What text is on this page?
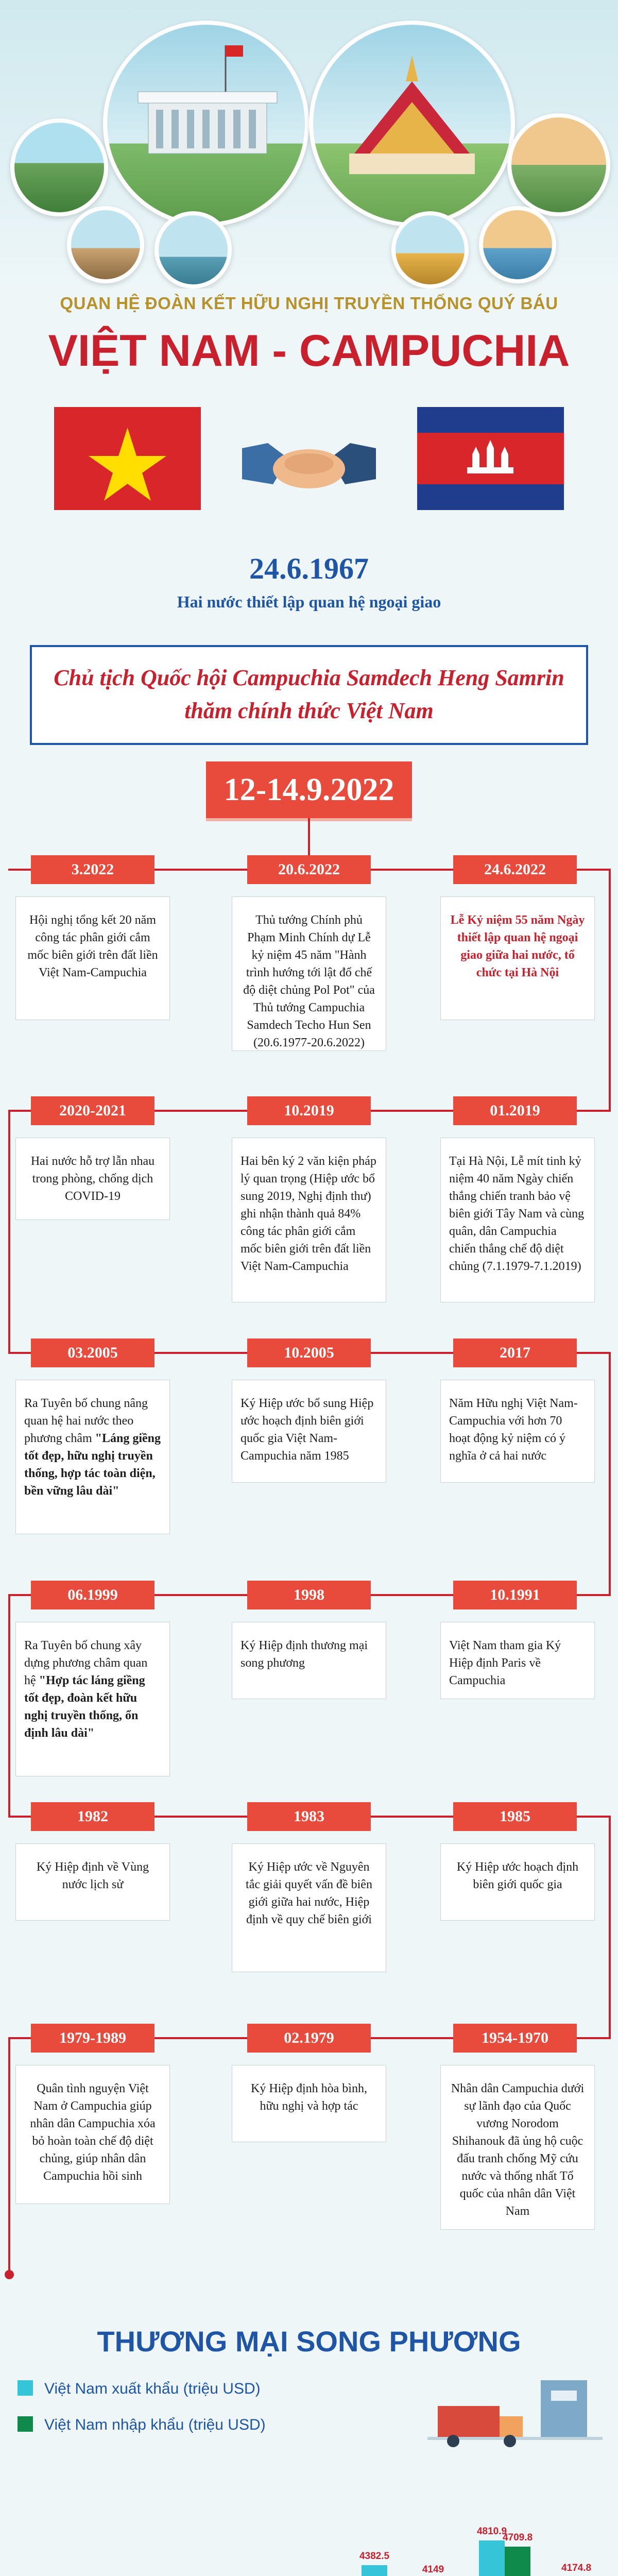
QUAN HỆ ĐOÀN KẾT HỮU NGHỊ TRUYỀN THỐNG QUÝ BÁU
VIỆT NAM - CAMPUCHIA
24.6.1967
Hai nước thiết lập quan hệ ngoại giao
Chủ tịch Quốc hội Campuchia Samdech Heng Samrin
thăm chính thức Việt Nam
12-14.9.2022
3.2022
Hội nghị tổng kết 20 năm công tác phân giới cắm mốc biên giới trên đất liền Việt Nam-Campuchia
20.6.2022
Thủ tướng Chính phủ Phạm Minh Chính dự Lễ kỷ niệm 45 năm "Hành trình hướng tới lật đổ chế độ diệt chủng Pol Pot" của Thủ tướng Campuchia Samdech Techo Hun Sen (20.6.1977-20.6.2022)
24.6.2022
Lễ Kỷ niệm 55 năm Ngày thiết lập quan hệ ngoại giao giữa hai nước, tổ chức tại Hà Nội
2020-2021
Hai nước hỗ trợ lẫn nhau trong phòng, chống dịch COVID-19
10.2019
Hai bên ký 2 văn kiện pháp lý quan trọng (Hiệp ước bổ sung 2019, Nghị định thư) ghi nhận thành quả 84% công tác phân giới cắm mốc biên giới trên đất liền Việt Nam-Campuchia
01.2019
Tại Hà Nội, Lễ mít tinh kỷ niệm 40 năm Ngày chiến thắng chiến tranh bảo vệ biên giới Tây Nam và cùng quân, dân Campuchia chiến thắng chế độ diệt chủng (7.1.1979-7.1.2019)
03.2005
Ra Tuyên bố chung nâng quan hệ hai nước theo phương châm "Láng giềng tốt đẹp, hữu nghị truyền thống, hợp tác toàn diện, bền vững lâu dài"
10.2005
Ký Hiệp ước bổ sung Hiệp ước hoạch định biên giới quốc gia Việt Nam-Campuchia năm 1985
2017
Năm Hữu nghị Việt Nam-Campuchia với hơn 70 hoạt động kỷ niệm có ý nghĩa ở cả hai nước
06.1999
Ra Tuyên bố chung xây dựng phương châm quan hệ "Hợp tác láng giềng tốt đẹp, đoàn kết hữu nghị truyền thống, ổn định lâu dài"
1998
Ký Hiệp định thương mại song phương
10.1991
Việt Nam tham gia Ký Hiệp định Paris về Campuchia
1982
Ký Hiệp định về Vùng nước lịch sử
1983
Ký Hiệp ước về Nguyên tắc giải quyết vấn đề biên giới giữa hai nước, Hiệp định về quy chế biên giới
1985
Ký Hiệp ước hoạch định biên giới quốc gia
1979-1989
Quân tình nguyện Việt Nam ở Campuchia giúp nhân dân Campuchia xóa bỏ hoàn toàn chế độ diệt chủng, giúp nhân dân Campuchia hồi sinh
02.1979
Ký Hiệp định hòa bình, hữu nghị và hợp tác
1954-1970
Nhân dân Campuchia dưới sự lãnh đạo của Quốc vương Norodom Shihanouk đã ủng hộ cuộc đấu tranh chống Mỹ cứu nước và thống nhất Tổ quốc của nhân dân Việt Nam
THƯƠNG MẠI SONG PHƯƠNG
Việt Nam xuất khẩu (triệu USD)
Việt Nam nhập khẩu (triệu USD)
4382.5
4149
4810.9
4709.8
4174.8
